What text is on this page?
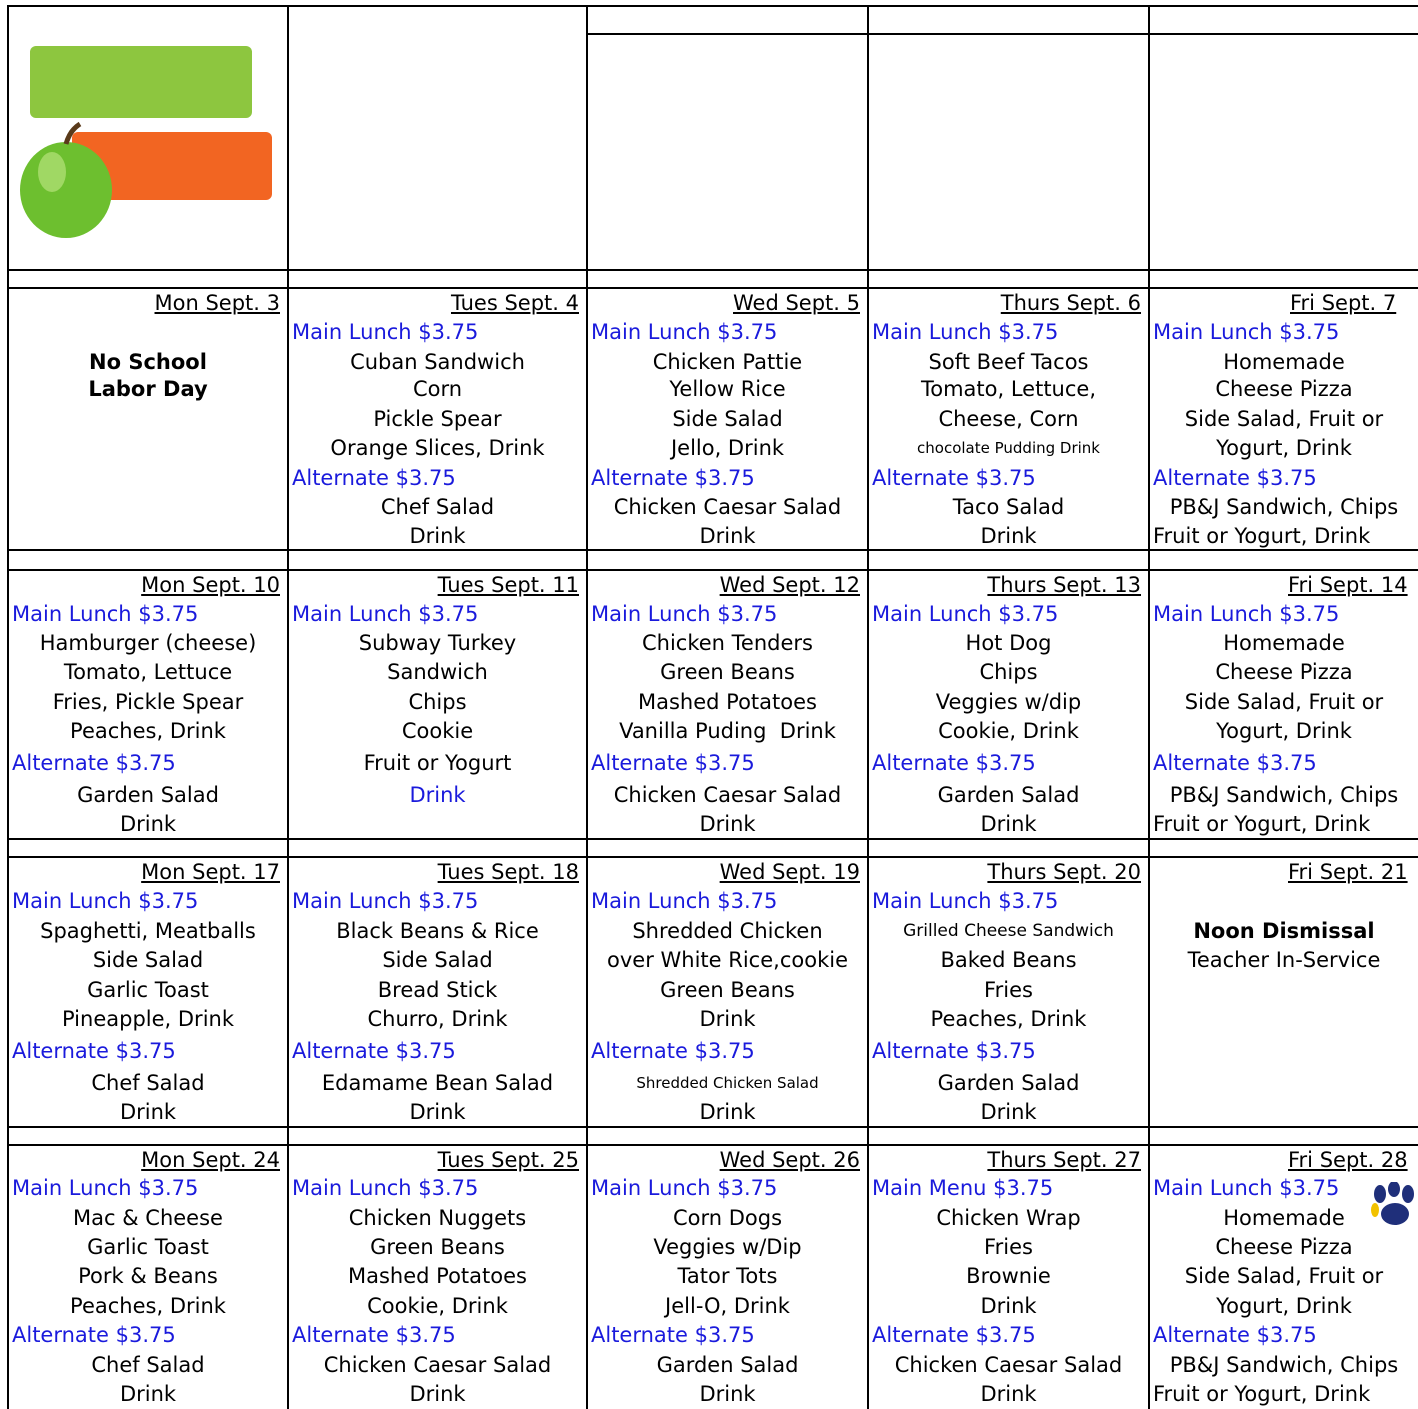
Mon Sept. 3
No School
Labor Day
Tues Sept. 4
Main Lunch $3.75
Cuban Sandwich
Corn
Pickle Spear
Orange Slices, Drink
Alternate $3.75
Chef Salad
Drink
Wed Sept. 5
Main Lunch $3.75
Chicken Pattie
Yellow Rice
Side Salad
Jello, Drink
Alternate $3.75
Chicken Caesar Salad
Drink
Thurs Sept. 6
Main Lunch $3.75
Soft Beef Tacos
Tomato, Lettuce,
Cheese, Corn
chocolate Pudding Drink
Alternate $3.75
Taco Salad
Drink
Fri Sept. 7
Main Lunch $3.75
Homemade
Cheese Pizza
Side Salad, Fruit or
Yogurt, Drink
Alternate $3.75
PB&J Sandwich, Chips
Fruit or Yogurt, Drink
Mon Sept. 10
Main Lunch $3.75
Hamburger (cheese)
Tomato, Lettuce
Fries, Pickle Spear
Peaches, Drink
Alternate $3.75
Garden Salad
Drink
Tues Sept. 11
Main Lunch $3.75
Subway Turkey
Sandwich
Chips
Cookie
Fruit or Yogurt
Drink
Wed Sept. 12
Main Lunch $3.75
Chicken Tenders
Green Beans
Mashed Potatoes
Vanilla Puding  Drink
Alternate $3.75
Chicken Caesar Salad
Drink
Thurs Sept. 13
Main Lunch $3.75
Hot Dog
Chips
Veggies w/dip
Cookie, Drink
Alternate $3.75
Garden Salad
Drink
Fri Sept. 14
Main Lunch $3.75
Homemade
Cheese Pizza
Side Salad, Fruit or
Yogurt, Drink
Alternate $3.75
PB&J Sandwich, Chips
Fruit or Yogurt, Drink
Mon Sept. 17
Main Lunch $3.75
Spaghetti, Meatballs
Side Salad
Garlic Toast
Pineapple, Drink
Alternate $3.75
Chef Salad
Drink
Tues Sept. 18
Main Lunch $3.75
Black Beans & Rice
Side Salad
Bread Stick
Churro, Drink
Alternate $3.75
Edamame Bean Salad
Drink
Wed Sept. 19
Main Lunch $3.75
Shredded Chicken
over White Rice,cookie
Green Beans
Drink
Alternate $3.75
Shredded Chicken Salad
Drink
Thurs Sept. 20
Main Lunch $3.75
Grilled Cheese Sandwich
Baked Beans
Fries
Peaches, Drink
Alternate $3.75
Garden Salad
Drink
Fri Sept. 21
Noon Dismissal
Teacher In-Service
Mon Sept. 24
Main Lunch $3.75
Mac & Cheese
Garlic Toast
Pork & Beans
Peaches, Drink
Alternate $3.75
Chef Salad
Drink
Tues Sept. 25
Main Lunch $3.75
Chicken Nuggets
Green Beans
Mashed Potatoes
Cookie, Drink
Alternate $3.75
Chicken Caesar Salad
Drink
Wed Sept. 26
Main Lunch $3.75
Corn Dogs
Veggies w/Dip
Tator Tots
Jell-O, Drink
Alternate $3.75
Garden Salad
Drink
Thurs Sept. 27
Main Menu $3.75
Chicken Wrap
Fries
Brownie
Drink
Alternate $3.75
Chicken Caesar Salad
Drink
Fri Sept. 28
Main Lunch $3.75
Homemade
Cheese Pizza
Side Salad, Fruit or
Yogurt, Drink
Alternate $3.75
PB&J Sandwich, Chips
Fruit or Yogurt, Drink
